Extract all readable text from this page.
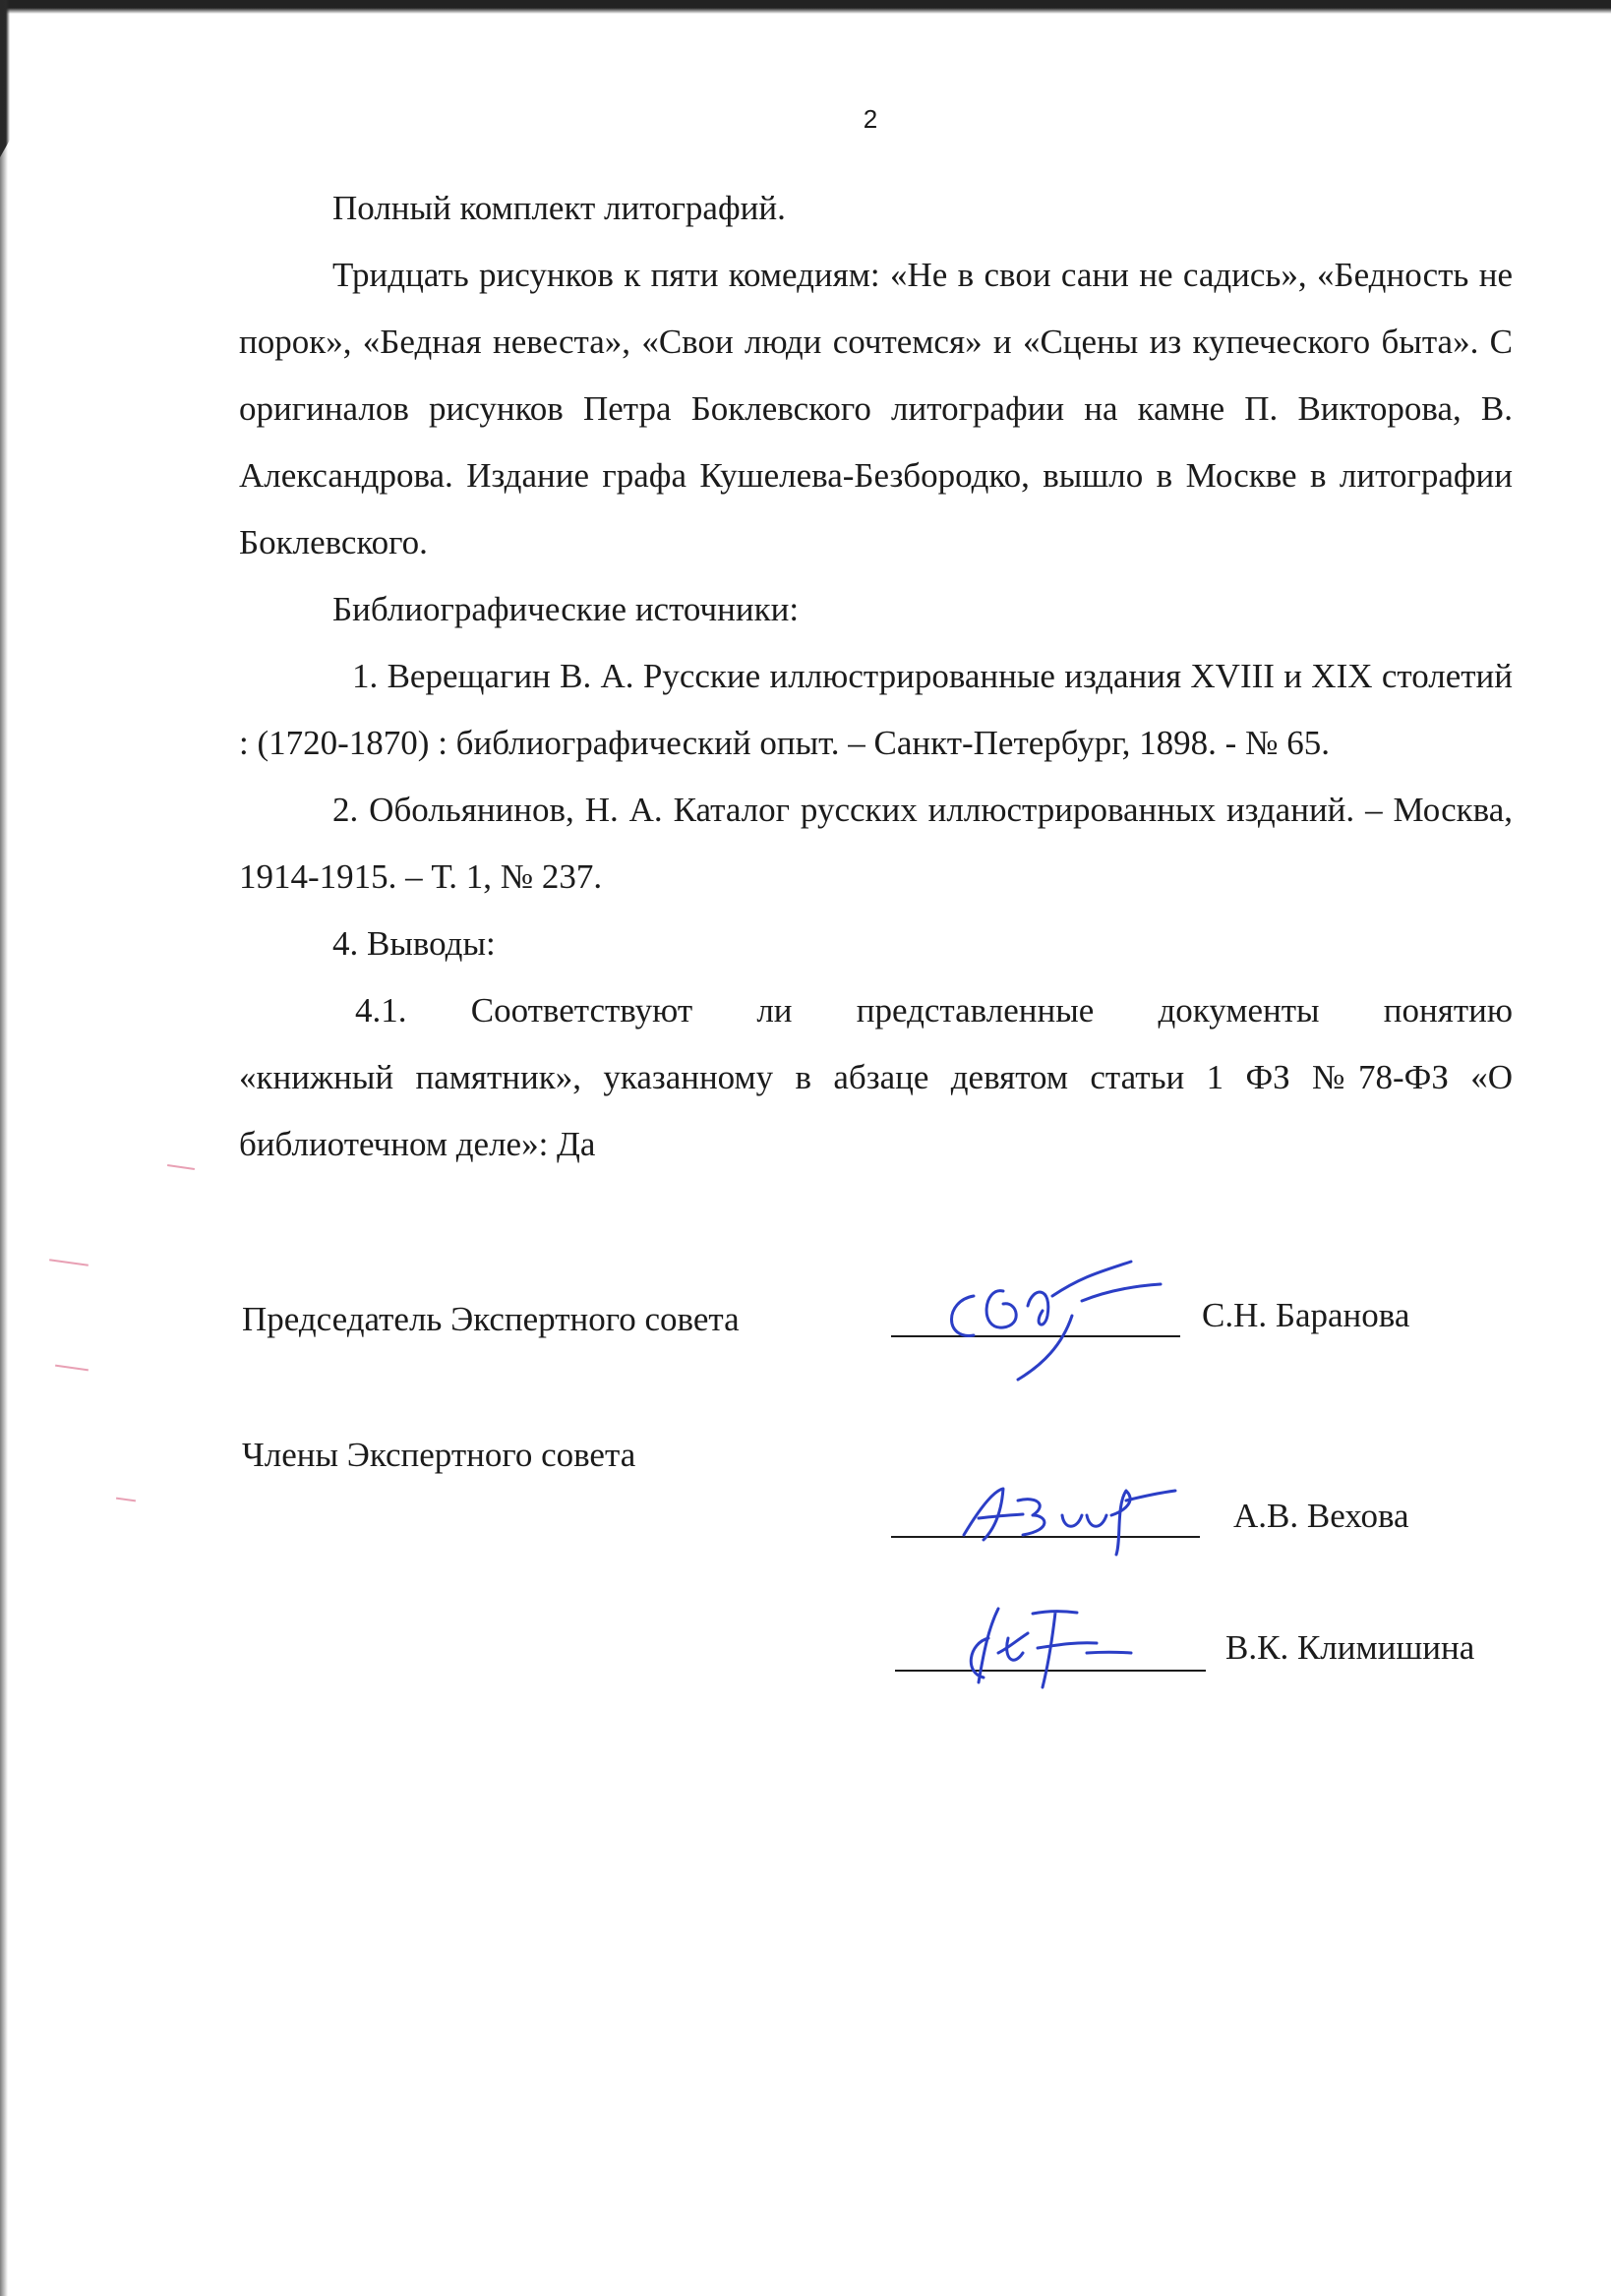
2

Полный комплект литографий.

Тридцать рисунков к пяти комедиям: «Не в свои сани не садись», «Бедность не порок», «Бедная невеста», «Свои люди сочтемся» и «Сцены из купеческого быта». С оригиналов рисунков Петра Боклевского литографии на камне П. Викторова, В. Александрова. Издание графа Кушелева-Безбородко, вышло в Москве в литографии Боклевского.

Библиографические источники:

1. Верещагин В. А. Русские иллюстрированные издания XVIII и XIX столетий : (1720-1870) : библиографический опыт. – Санкт-Петербург, 1898. - № 65.

2. Обольянинов, Н. А. Каталог русских иллюстрированных изданий. – Москва, 1914-1915. – Т. 1, № 237.

4. Выводы:

4.1. Соответствуют ли представленные документы понятию «книжный памятник», указанному в абзаце девятом статьи 1 ФЗ №78-ФЗ «О библиотечном деле»: Да

Председатель Экспертного совета	С.Н. Баранова
Члены Экспертного совета
А.В. Вехова
В.К. Климишина
